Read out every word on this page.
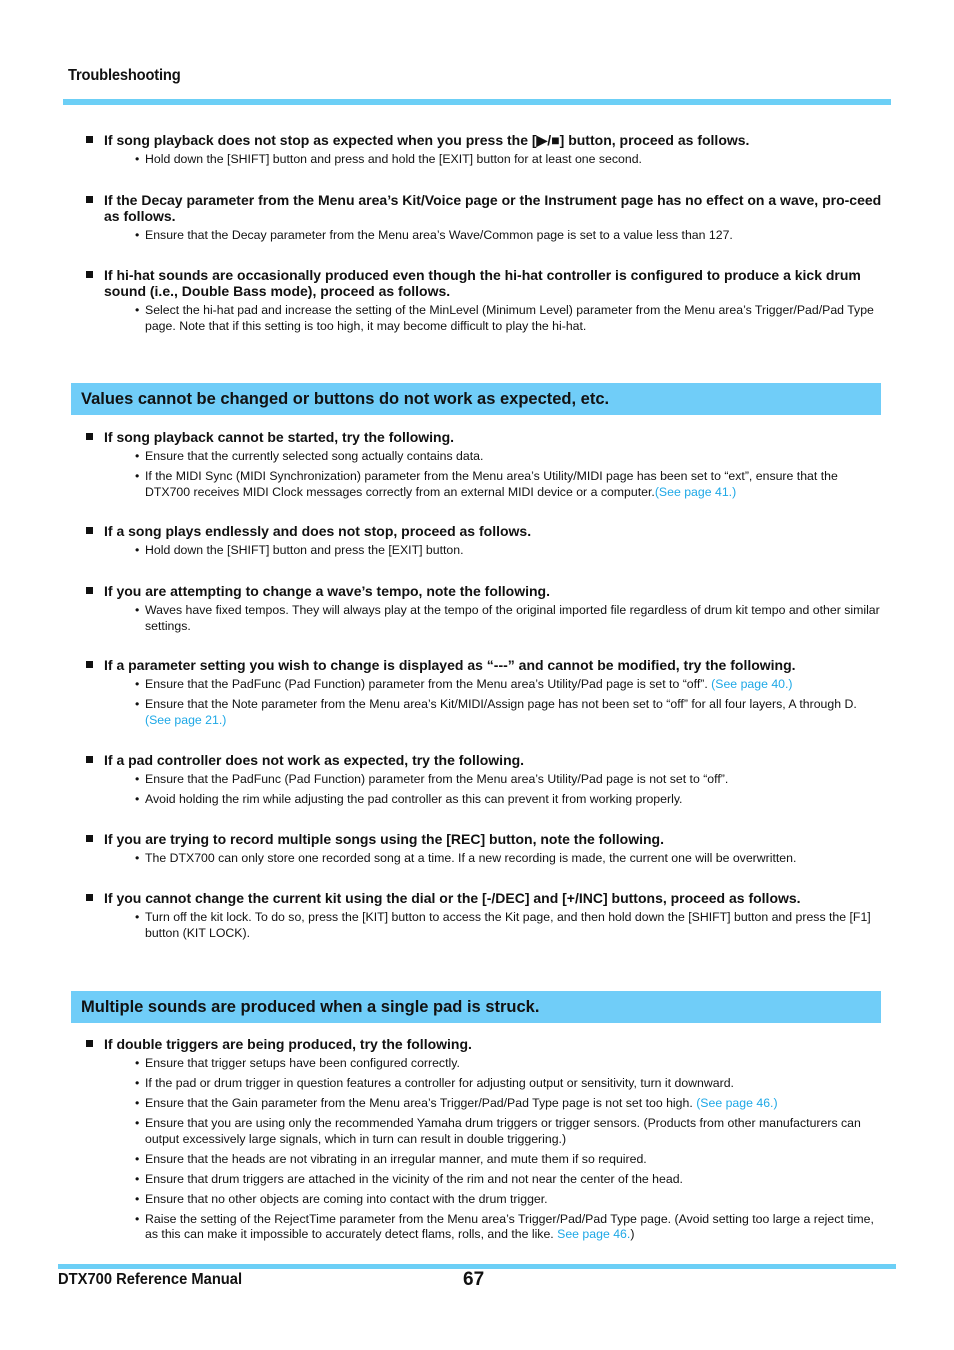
Troubleshooting
Values cannot be changed or buttons do not work as expected, etc.
Multiple sounds are produced when a single pad is struck.
If song playback does not stop as expected when you press the [▶/■] button, proceed as follows.
• Hold down the [SHIFT] button and press and hold the [EXIT] button for at least one second.
If the Decay parameter from the Menu area’s Kit/Voice page or the Instrument page has no effect on a wave, pro-ceed as follows.
• Ensure that the Decay parameter from the Menu area’s Wave/Common page is set to a value less than 127.
If hi-hat sounds are occasionally produced even though the hi-hat controller is configured to produce a kick drum sound (i.e., Double Bass mode), proceed as follows.
• Select the hi-hat pad and increase the setting of the MinLevel (Minimum Level) parameter from the Menu area’s Trigger/Pad/Pad Type page. Note that if this setting is too high, it may become difficult to play the hi-hat.
If song playback cannot be started, try the following.
• Ensure that the currently selected song actually contains data.
• If the MIDI Sync (MIDI Synchronization) parameter from the Menu area’s Utility/MIDI page has been set to “ext”, ensure that the DTX700 receives MIDI Clock messages correctly from an external MIDI device or a computer.(See page 41.)
If a song plays endlessly and does not stop, proceed as follows.
• Hold down the [SHIFT] button and press the [EXIT] button.
If you are attempting to change a wave’s tempo, note the following.
• Waves have fixed tempos. They will always play at the tempo of the original imported file regardless of drum kit tempo and other similar settings.
If a parameter setting you wish to change is displayed as “---” and cannot be modified, try the following.
• Ensure that the PadFunc (Pad Function) parameter from the Menu area’s Utility/Pad page is set to “off”. (See page 40.)
• Ensure that the Note parameter from the Menu area’s Kit/MIDI/Assign page has not been set to “off” for all four layers, A through D. (See page 21.)
If a pad controller does not work as expected, try the following.
• Ensure that the PadFunc (Pad Function) parameter from the Menu area’s Utility/Pad page is not set to “off”.
• Avoid holding the rim while adjusting the pad controller as this can prevent it from working properly.
If you are trying to record multiple songs using the [REC] button, note the following.
• The DTX700 can only store one recorded song at a time. If a new recording is made, the current one will be overwritten.
If you cannot change the current kit using the dial or the [-/DEC] and [+/INC] buttons, proceed as follows.
• Turn off the kit lock. To do so, press the [KIT] button to access the Kit page, and then hold down the [SHIFT] button and press the [F1] button (KIT LOCK).
If double triggers are being produced, try the following.
• Ensure that trigger setups have been configured correctly.
• If the pad or drum trigger in question features a controller for adjusting output or sensitivity, turn it downward.
• Ensure that the Gain parameter from the Menu area’s Trigger/Pad/Pad Type page is not set too high. (See page 46.)
• Ensure that you are using only the recommended Yamaha drum triggers or trigger sensors. (Products from other manufacturers can output excessively large signals, which in turn can result in double triggering.)
• Ensure that the heads are not vibrating in an irregular manner, and mute them if so required.
• Ensure that drum triggers are attached in the vicinity of the rim and not near the center of the head.
• Ensure that no other objects are coming into contact with the drum trigger.
• Raise the setting of the RejectTime parameter from the Menu area’s Trigger/Pad/Pad Type page. (Avoid setting too large a reject time, as this can make it impossible to accurately detect flams, rolls, and the like. See page 46.)
DTX700 Reference Manual	67
